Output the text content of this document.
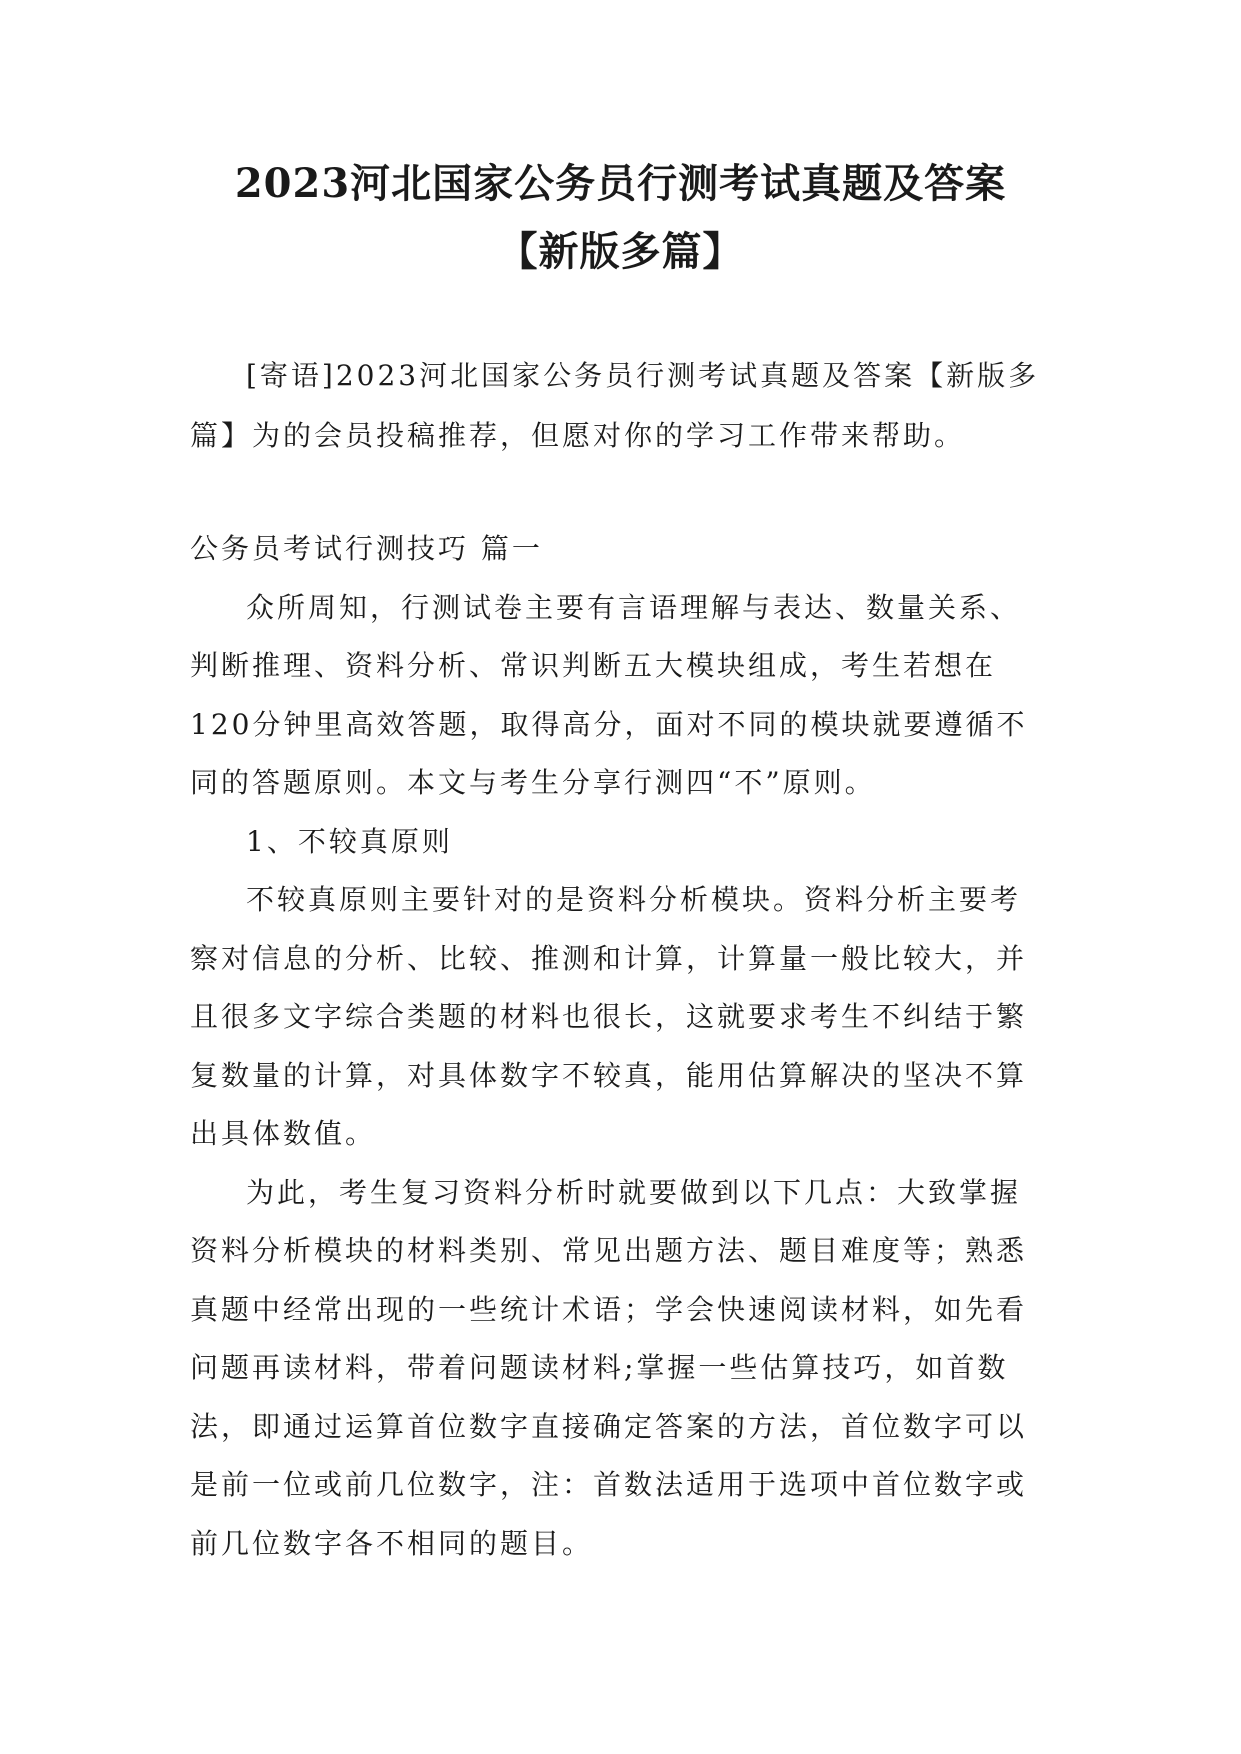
2023河北国家公务员行测考试真题及答案
【新版多篇】

[寄语]2023河北国家公务员行测考试真题及答案【新版多篇】为的会员投稿推荐，但愿对你的学习工作带来帮助。

公务员考试行测技巧 篇一

众所周知，行测试卷主要有言语理解与表达、数量关系、判断推理、资料分析、常识判断五大模块组成，考生若想在120分钟里高效答题，取得高分，面对不同的模块就要遵循不同的答题原则。本文与考生分享行测四“不”原则。

1、不较真原则

不较真原则主要针对的是资料分析模块。资料分析主要考察对信息的分析、比较、推测和计算，计算量一般比较大，并且很多文字综合类题的材料也很长，这就要求考生不纠结于繁复数量的计算，对具体数字不较真，能用估算解决的坚决不算出具体数值。

为此，考生复习资料分析时就要做到以下几点：大致掌握资料分析模块的材料类别、常见出题方法、题目难度等；熟悉真题中经常出现的一些统计术语；学会快速阅读材料，如先看问题再读材料，带着问题读材料;掌握一些估算技巧，如首数法，即通过运算首位数字直接确定答案的方法，首位数字可以是前一位或前几位数字，注：首数法适用于选项中首位数字或前几位数字各不相同的题目。
